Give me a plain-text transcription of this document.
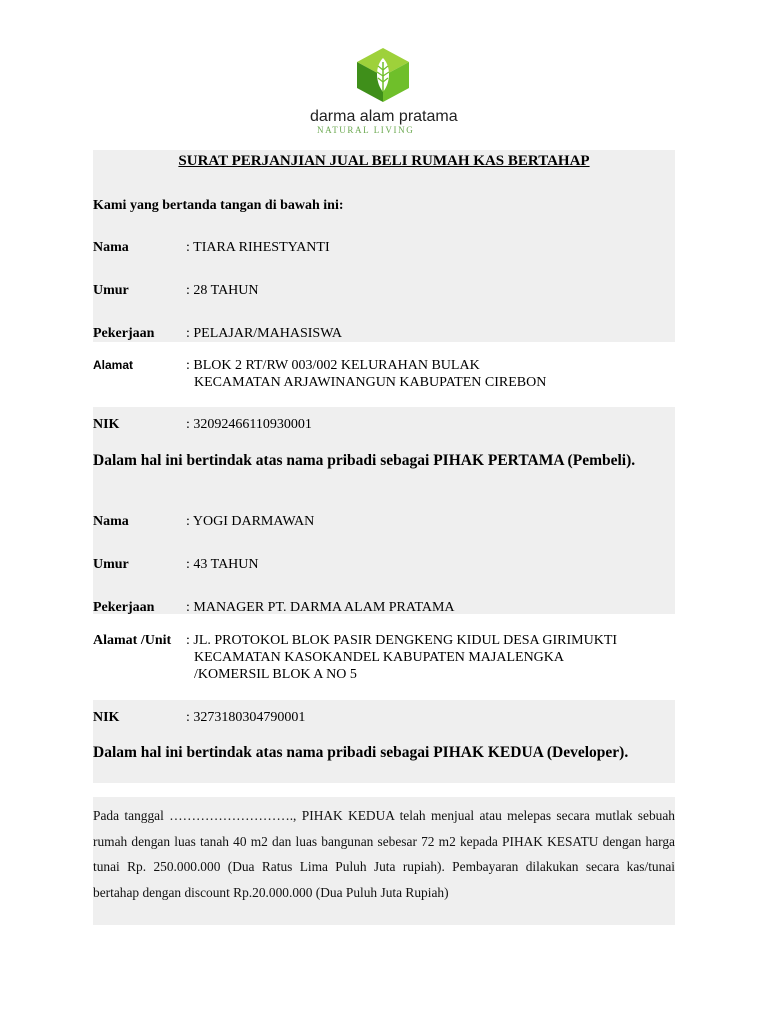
darma alam pratama
NATURAL LIVING
SURAT PERJANJIAN JUAL BELI RUMAH KAS BERTAHAP
Kami yang bertanda tangan di bawah ini:
Nama	: TIARA RIHESTYANTI
Umur	: 28 TAHUN
Pekerjaan : PELAJAR/MAHASISWA
Alamat	: BLOK 2 RT/RW 003/002 KELURAHAN BULAK
KECAMATAN ARJAWINANGUN KABUPATEN CIREBON
NIK	: 32092466110930001
Dalam hal ini bertindak atas nama pribadi sebagai PIHAK PERTAMA (Pembeli).
Nama	: YOGI DARMAWAN
Umur	: 43 TAHUN
Pekerjaan : MANAGER PT. DARMA ALAM PRATAMA
Alamat /Unit : JL. PROTOKOL BLOK PASIR DENGKENG KIDUL DESA GIRIMUKTI
KECAMATAN KASOKANDEL KABUPATEN MAJALENGKA
/KOMERSIL BLOK A NO 5
NIK	: 3273180304790001
Dalam hal ini bertindak atas nama pribadi sebagai PIHAK KEDUA (Developer).
Pada tanggal ………………………., PIHAK KEDUA telah menjual atau melepas secara mutlak sebuah rumah dengan luas tanah 40 m2 dan luas bangunan sebesar 72 m2 kepada PIHAK KESATU dengan harga tunai Rp. 250.000.000 (Dua Ratus Lima Puluh Juta rupiah). Pembayaran dilakukan secara kas/tunai bertahap dengan discount Rp.20.000.000 (Dua Puluh Juta Rupiah)
